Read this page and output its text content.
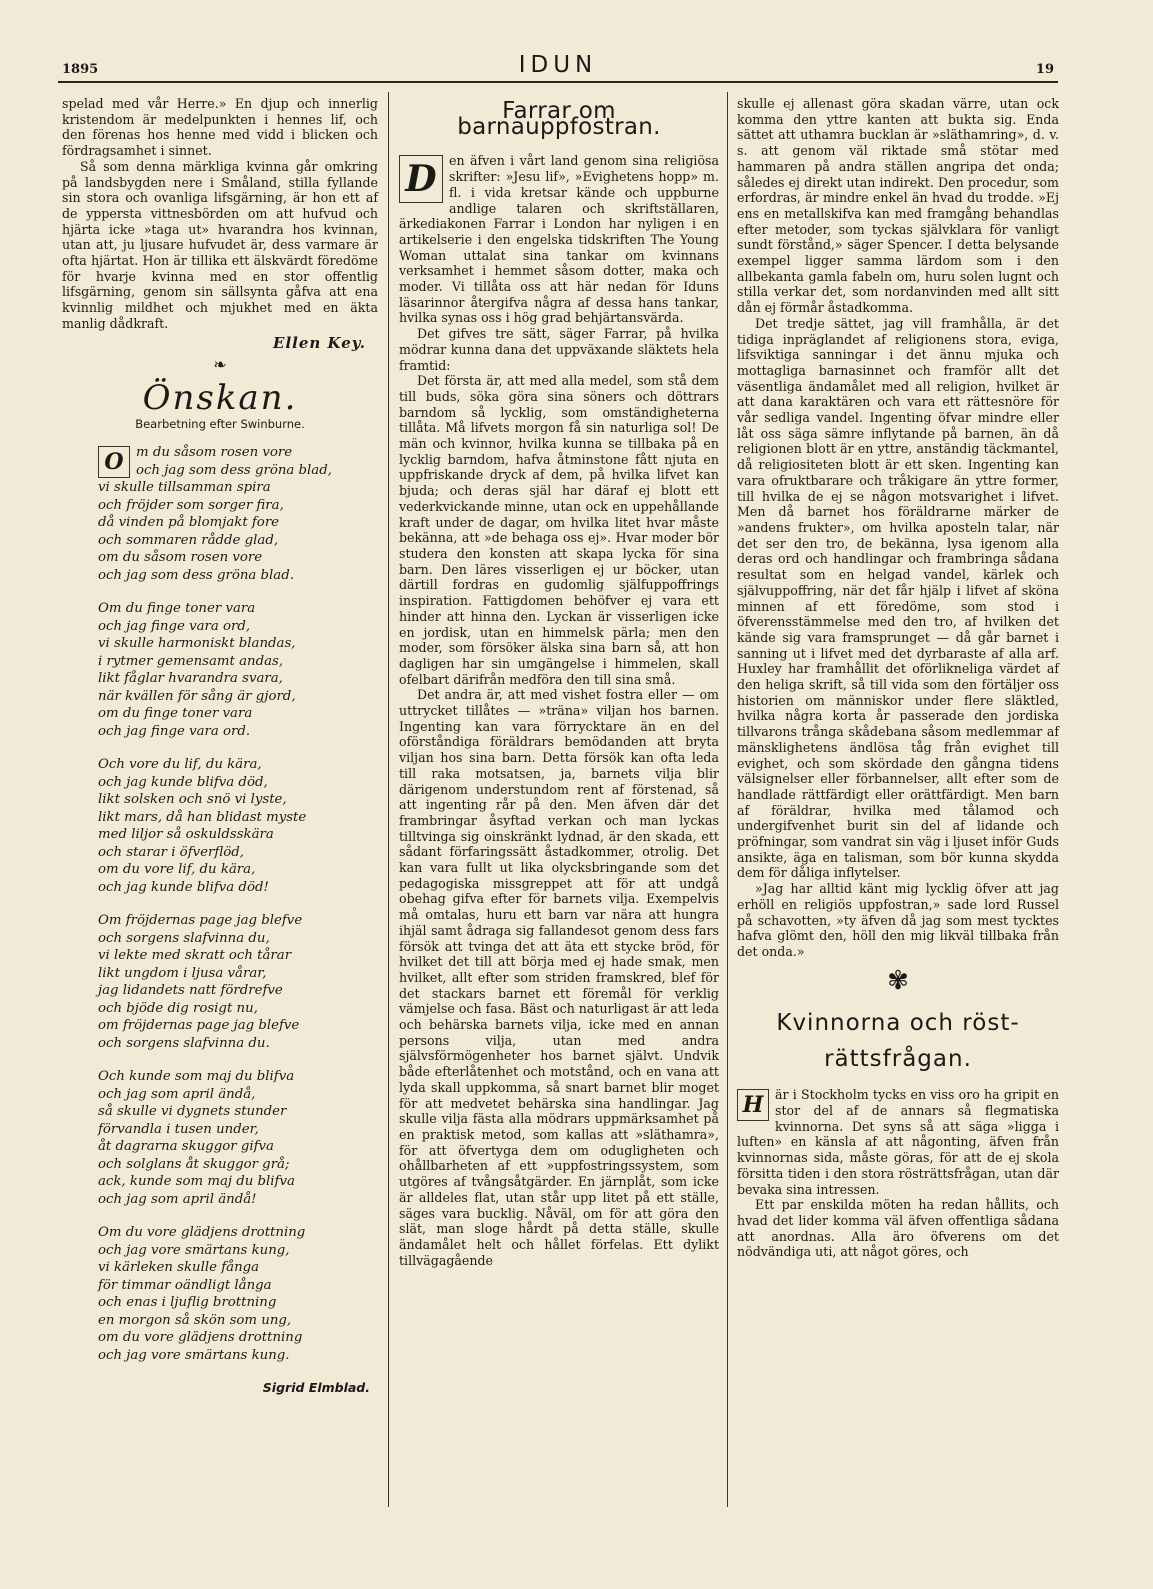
1895	IDUN	19

spelad med vår Herre.» En djup och innerlig kristendom är medelpunkten i hennes lif, och den förenas hos henne med vidd i blicken och fördragsamhet i sinnet.

Så som denna märkliga kvinna går omkring på landsbygden nere i Småland, stilla fyllande sin stora och ovanliga lifsgärning, är hon ett af de yppersta vittnesbörden om att hufvud och hjärta icke »taga ut» hvarandra hos kvinnan, utan att, ju ljusare hufvudet är, dess varmare är ofta hjärtat. Hon är tillika ett älskvärdt föredöme för hvarje kvinna med en stor offentlig lifsgärning, genom sin sällsynta gåfva att ena kvinnlig mildhet och mjukhet med en äkta manlig dådkraft.

Ellen Key.
❧
Önskan.
Bearbetning efter Swinburne.
O m du såsom rosen vore
och jag som dess gröna blad,
vi skulle tillsamman spira
och fröjder som sorger fira,
då vinden på blomjakt fore
och sommaren rådde glad,
om du såsom rosen vore
och jag som dess gröna blad.
Om du finge toner vara
och jag finge vara ord,
vi skulle harmoniskt blandas,
i rytmer gemensamt andas,
likt fåglar hvarandra svara,
när kvällen för sång är gjord,
om du finge toner vara
och jag finge vara ord.
Och vore du lif, du kära,
och jag kunde blifva död,
likt solsken och snö vi lyste,
likt mars, då han blidast myste
med liljor så oskuldsskära
och starar i öfverflöd,
om du vore lif, du kära,
och jag kunde blifva död!
Om fröjdernas page jag blefve
och sorgens slafvinna du,
vi lekte med skratt och tårar
likt ungdom i ljusa vårar,
jag lidandets natt fördrefve
och bjöde dig rosigt nu,
om fröjdernas page jag blefve
och sorgens slafvinna du.
Och kunde som maj du blifva
och jag som april ändå,
så skulle vi dygnets stunder
förvandla i tusen under,
åt dagrarna skuggor gifva
och solglans åt skuggor grå;
ack, kunde som maj du blifva
och jag som april ändå!
Om du vore glädjens drottning
och jag vore smärtans kung,
vi kärleken skulle fånga
för timmar oändligt långa
och enas i ljuflig brottning
en morgon så skön som ung,
om du vore glädjens drottning
och jag vore smärtans kung.
Sigrid Elmblad.
Farrar om barnauppfostran.

D en äfven i vårt land genom sina religiösa skrifter: »Jesu lif», »Evighetens hopp» m. fl. i vida kretsar kände och uppburne andlige talaren och skriftställaren, ärkediakonen Farrar i London har nyligen i en artikelserie i den engelska tidskriften The Young Woman uttalat sina tankar om kvinnans verksamhet i hemmet såsom dotter, maka och moder. Vi tillåta oss att här nedan för Iduns läsarinnor återgifva några af dessa hans tankar, hvilka synas oss i hög grad behjärtansvärda.

Det gifves tre sätt, säger Farrar, på hvilka mödrar kunna dana det uppväxande släktets hela framtid:

Det första är, att med alla medel, som stå dem till buds, söka göra sina söners och döttrars barndom så lycklig, som omständigheterna tillåta. Må lifvets morgon få sin naturliga sol! De män och kvinnor, hvilka kunna se tillbaka på en lycklig barndom, hafva åtminstone fått njuta en uppfriskande dryck af dem, på hvilka lifvet kan bjuda; och deras själ har däraf ej blott ett vederkvickande minne, utan ock en uppehållande kraft under de dagar, om hvilka litet hvar måste bekänna, att »de behaga oss ej». Hvar moder bör studera den konsten att skapa lycka för sina barn. Den läres visserligen ej ur böcker, utan därtill fordras en gudomlig själfuppoffrings inspiration. Fattigdomen behöfver ej vara ett hinder att hinna den. Lyckan är visserligen icke en jordisk, utan en himmelsk pärla; men den moder, som försöker älska sina barn så, att hon dagligen har sin umgängelse i himmelen, skall ofelbart därifrån medföra den till sina små.

Det andra är, att med vishet fostra eller — om uttrycket tillåtes — »träna» viljan hos barnen. Ingenting kan vara förrycktare än en del oförståndiga föräldrars bemödanden att bryta viljan hos sina barn. Detta försök kan ofta leda till raka motsatsen, ja, barnets vilja blir därigenom understundom rent af förstenad, så att ingenting rår på den. Men äfven där det frambringar åsyftad verkan och man lyckas tilltvinga sig oinskränkt lydnad, är den skada, ett sådant förfaringssätt åstadkommer, otrolig. Det kan vara fullt ut lika olycksbringande som det pedagogiska missgreppet att för att undgå obehag gifva efter för barnets vilja. Exempelvis må omtalas, huru ett barn var nära att hungra ihjäl samt ådraga sig fallandesot genom dess fars försök att tvinga det att äta ett stycke bröd, för hvilket det till att börja med ej hade smak, men hvilket, allt efter som striden framskred, blef för det stackars barnet ett föremål för verklig vämjelse och fasa. Bäst och naturligast är att leda och behärska barnets vilja, icke med en annan persons vilja, utan med andra självsförmögenheter hos barnet självt. Undvik både efterlåtenhet och motstånd, och en vana att lyda skall uppkomma, så snart barnet blir moget för att medvetet behärska sina handlingar. Jag skulle vilja fästa alla mödrars uppmärksamhet på en praktisk metod, som kallas att »släthamra», för att öfvertyga dem om odugligheten och ohållbarheten af ett »uppfostringssystem, som utgöres af tvångsåtgärder. En järnplåt, som icke är alldeles flat, utan står upp litet på ett ställe, säges vara bucklig. Nåväl, om för att göra den slät, man sloge hårdt på detta ställe, skulle ändamålet helt och hållet förfelas. Ett dylikt tillvägagående

skulle ej allenast göra skadan värre, utan ock komma den yttre kanten att bukta sig. Enda sättet att uthamra bucklan är »släthamring», d. v. s. att genom väl riktade små stötar med hammaren på andra ställen angripa det onda; således ej direkt utan indirekt. Den procedur, som erfordras, är mindre enkel än hvad du trodde. »Ej ens en metallskifva kan med framgång behandlas efter metoder, som tyckas självklara för vanligt sundt förstånd,» säger Spencer. I detta belysande exempel ligger samma lärdom som i den allbekanta gamla fabeln om, huru solen lugnt och stilla verkar det, som nordanvinden med allt sitt dån ej förmår åstadkomma.

Det tredje sättet, jag vill framhålla, är det tidiga inpräglandet af religionens stora, eviga, lifsviktiga sanningar i det ännu mjuka och mottagliga barnasinnet och framför allt det väsentliga ändamålet med all religion, hvilket är att dana karaktären och vara ett rättesnöre för vår sedliga vandel. Ingenting öfvar mindre eller låt oss säga sämre inflytande på barnen, än då religionen blott är en yttre, anständig täckmantel, då religiositeten blott är ett sken. Ingenting kan vara ofruktbarare och tråkigare än yttre former, till hvilka de ej se någon motsvarighet i lifvet. Men då barnet hos föräldrarne märker de »andens frukter», om hvilka aposteln talar, när det ser den tro, de bekänna, lysa igenom alla deras ord och handlingar och frambringa sådana resultat som en helgad vandel, kärlek och självuppoffring, när det får hjälp i lifvet af sköna minnen af ett föredöme, som stod i öfverensstämmelse med den tro, af hvilken det kände sig vara framsprunget — då går barnet i sanning ut i lifvet med det dyrbaraste af alla arf. Huxley har framhållit det oförlikneliga värdet af den heliga skrift, så till vida som den förtäljer oss historien om människor under flere släktled, hvilka några korta år passerade den jordiska tillvarons trånga skådebana såsom medlemmar af mänsklighetens ändlösa tåg från evighet till evighet, och som skördade den gångna tidens välsignelser eller förbannelser, allt efter som de handlade rättfärdigt eller orättfärdigt. Men barn af föräldrar, hvilka med tålamod och undergifvenhet burit sin del af lidande och pröfningar, som vandrat sin väg i ljuset inför Guds ansikte, äga en talisman, som bör kunna skydda dem för dåliga inflytelser.

»Jag har alltid känt mig lycklig öfver att jag erhöll en religiös uppfostran,» sade lord Russel på schavotten, »ty äfven då jag som mest tycktes hafva glömt den, höll den mig likväl tillbaka från det onda.»

✾
Kvinnorna och röst-
rättsfrågan.

H är i Stockholm tycks en viss oro ha gripit en stor del af de annars så flegmatiska kvinnorna. Det syns så att säga »ligga i luften» en känsla af att någonting, äfven från kvinnornas sida, måste göras, för att de ej skola försitta tiden i den stora rösträttsfrågan, utan där bevaka sina intressen.

Ett par enskilda möten ha redan hållits, och hvad det lider komma väl äfven offentliga sådana att anordnas. Alla äro öfverens om det nödvändiga uti, att något göres, och
